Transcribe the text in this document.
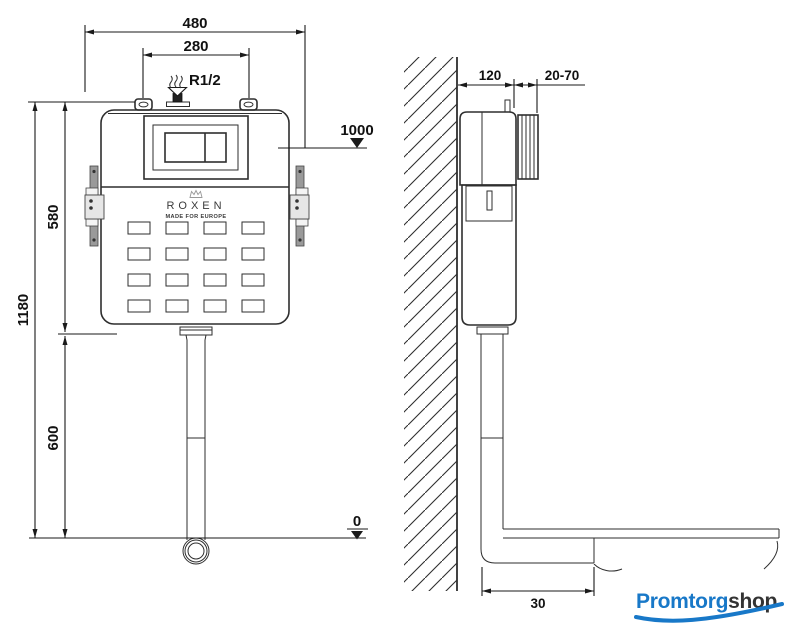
R1/2
ROXEN
MADE FOR EUROPE
480
280
1000
580
600
1180
0
120	20-70
30	Promtorgshop
